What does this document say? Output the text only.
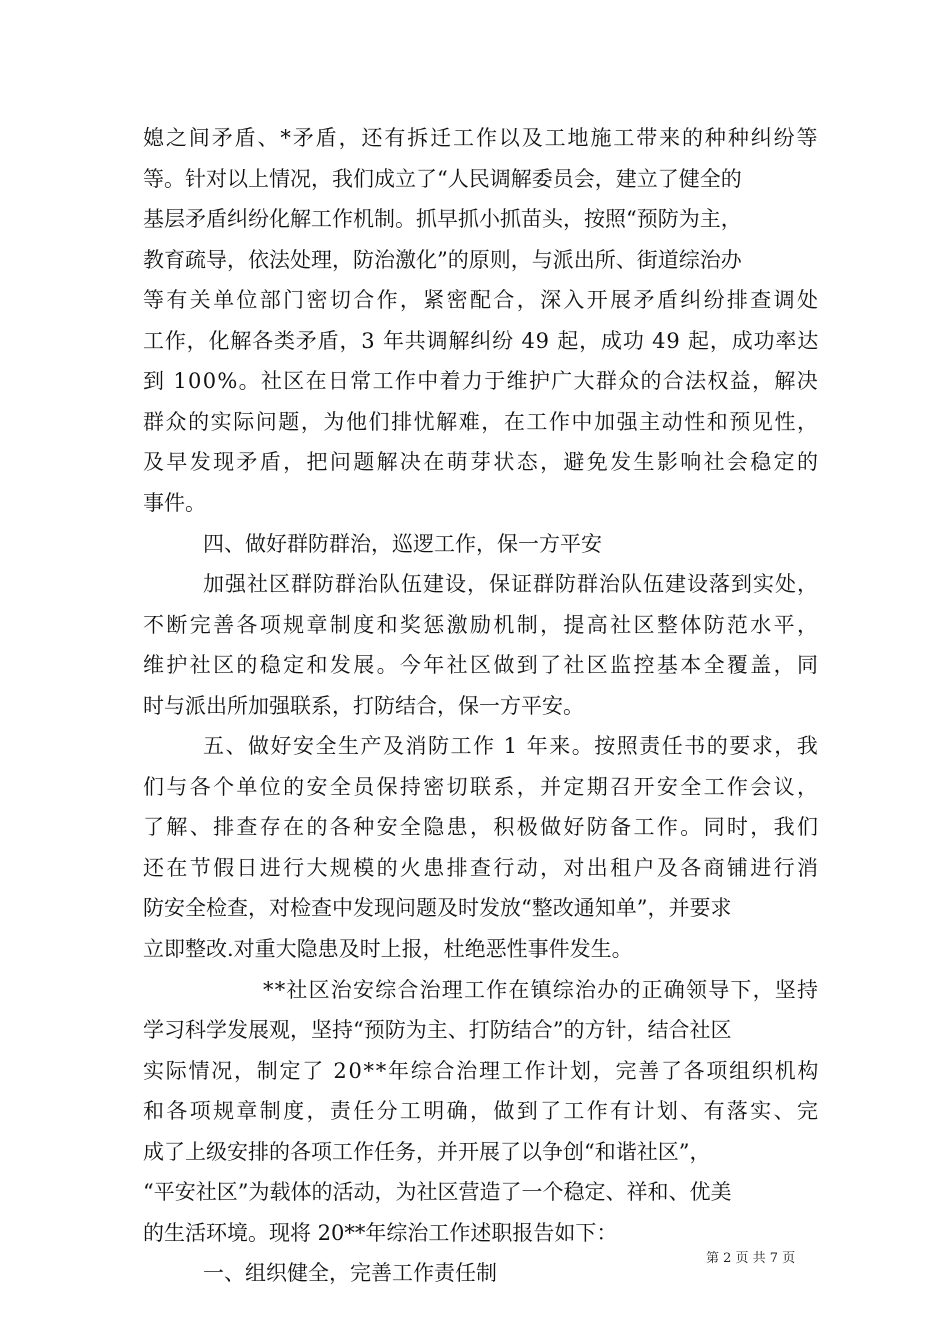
媳之间矛盾、*矛盾，还有拆迁工作以及工地施工带来的种种纠纷等
等。针对以上情况，我们成立了“人民调解委员会，建立了健全的
基层矛盾纠纷化解工作机制。抓早抓小抓苗头，按照“预防为主，
教育疏导，依法处理，防治激化”的原则，与派出所、街道综治办
等有关单位部门密切合作，紧密配合，深入开展矛盾纠纷排查调处
工作，化解各类矛盾，3 年共调解纠纷 49 起，成功 49 起，成功率达
到 100%。社区在日常工作中着力于维护广大群众的合法权益，解决
群众的实际问题，为他们排忧解难，在工作中加强主动性和预见性，
及早发现矛盾，把问题解决在萌芽状态，避免发生影响社会稳定的
事件。
四、做好群防群治，巡逻工作，保一方平安
加强社区群防群治队伍建设，保证群防群治队伍建设落到实处，
不断完善各项规章制度和奖惩激励机制，提高社区整体防范水平，
维护社区的稳定和发展。今年社区做到了社区监控基本全覆盖，同
时与派出所加强联系，打防结合，保一方平安。
五、做好安全生产及消防工作 1 年来。按照责任书的要求，我
们与各个单位的安全员保持密切联系，并定期召开安全工作会议，
了解、排查存在的各种安全隐患，积极做好防备工作。同时，我们
还在节假日进行大规模的火患排查行动，对出租户及各商铺进行消
防安全检查，对检查中发现问题及时发放“整改通知单”，并要求
立即整改.对重大隐患及时上报，杜绝恶性事件发生。
**社区治安综合治理工作在镇综治办的正确领导下，坚持
学习科学发展观，坚持“预防为主、打防结合”的方针，结合社区
实际情况，制定了 20**年综合治理工作计划，完善了各项组织机构
和各项规章制度，责任分工明确，做到了工作有计划、有落实、完
成了上级安排的各项工作任务，并开展了以争创“和谐社区”，
“平安社区”为载体的活动，为社区营造了一个稳定、祥和、优美
的生活环境。现将 20**年综治工作述职报告如下：
一、组织健全，完善工作责任制
第 2 页 共 7 页
